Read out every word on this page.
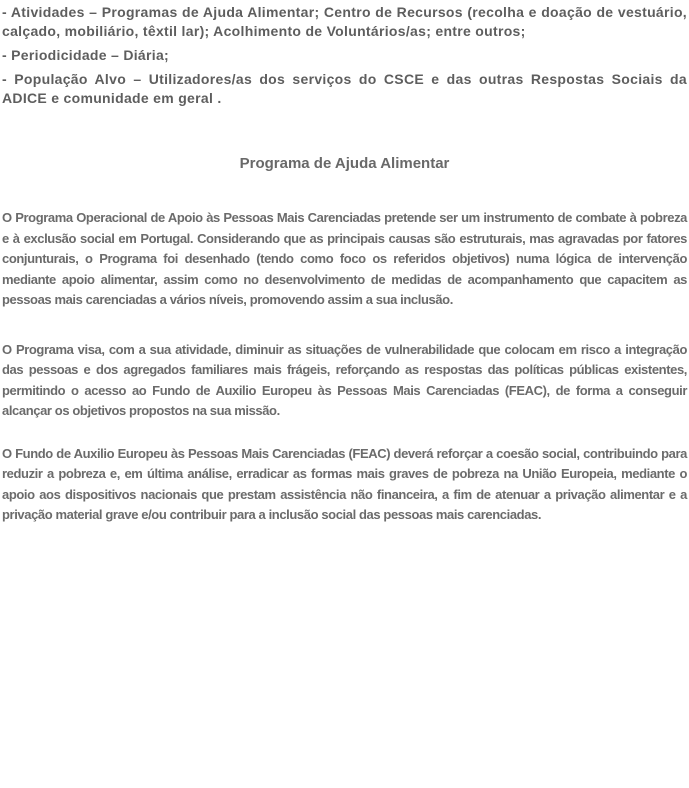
- Atividades – Programas de Ajuda Alimentar; Centro de Recursos (recolha e doação de vestuário, calçado, mobiliário, têxtil lar); Acolhimento de Voluntários/as; entre outros;

- Periodicidade – Diária;

- População Alvo – Utilizadores/as dos serviços do CSCE e das outras Respostas Sociais da ADICE e comunidade em geral .

Programa de Ajuda Alimentar

O Programa Operacional de Apoio às Pessoas Mais Carenciadas pretende ser um instrumento de combate à pobreza e à exclusão social em Portugal. Considerando que as principais causas são estruturais, mas agravadas por fatores conjunturais, o Programa foi desenhado (tendo como foco os referidos objetivos) numa lógica de intervenção mediante apoio alimentar, assim como no desenvolvimento de medidas de acompanhamento que capacitem as pessoas mais carenciadas a vários níveis, promovendo assim a sua inclusão.

O Programa visa, com a sua atividade, diminuir as situações de vulnerabilidade que colocam em risco a integração das pessoas e dos agregados familiares mais frágeis, reforçando as respostas das políticas públicas existentes, permitindo o acesso ao Fundo de Auxilio Europeu às Pessoas Mais Carenciadas (FEAC), de forma a conseguir alcançar os objetivos propostos na sua missão.

O Fundo de Auxilio Europeu às Pessoas Mais Carenciadas (FEAC) deverá reforçar a coesão social, contribuindo para reduzir a pobreza e, em última análise, erradicar as formas mais graves de pobreza na União Europeia, mediante o apoio aos dispositivos nacionais que prestam assistência não financeira, a fim de atenuar a privação alimentar e a privação material grave e/ou contribuir para a inclusão social das pessoas mais carenciadas.
